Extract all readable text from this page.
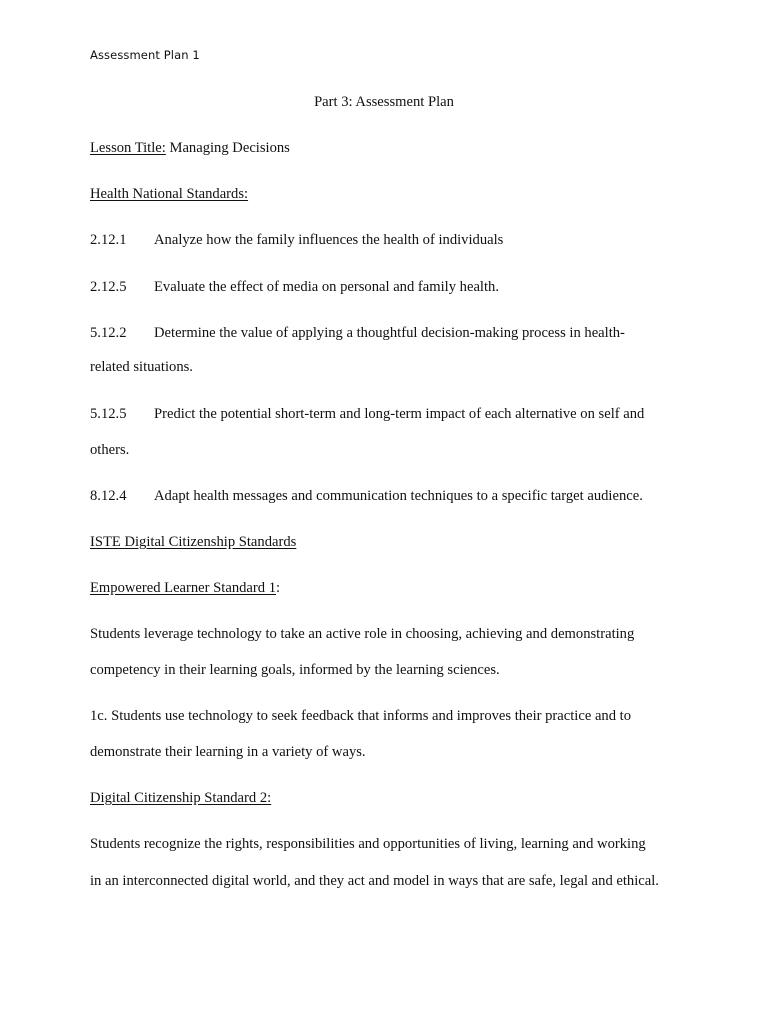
Assessment Plan 1
Part 3: Assessment Plan
Lesson Title: Managing Decisions
Health National Standards:
2.12.1 Analyze how the family influences the health of individuals
2.12.5 Evaluate the effect of media on personal and family health.
5.12.2 Determine the value of applying a thoughtful decision-making process in health-
related situations.
5.12.5 Predict the potential short-term and long-term impact of each alternative on self and
others.
8.12.4 Adapt health messages and communication techniques to a specific target audience.
ISTE Digital Citizenship Standards
Empowered Learner Standard 1:
Students leverage technology to take an active role in choosing, achieving and demonstrating
competency in their learning goals, informed by the learning sciences.
1c. Students use technology to seek feedback that informs and improves their practice and to
demonstrate their learning in a variety of ways.
Digital Citizenship Standard 2:
Students recognize the rights, responsibilities and opportunities of living, learning and working
in an interconnected digital world, and they act and model in ways that are safe, legal and ethical.
